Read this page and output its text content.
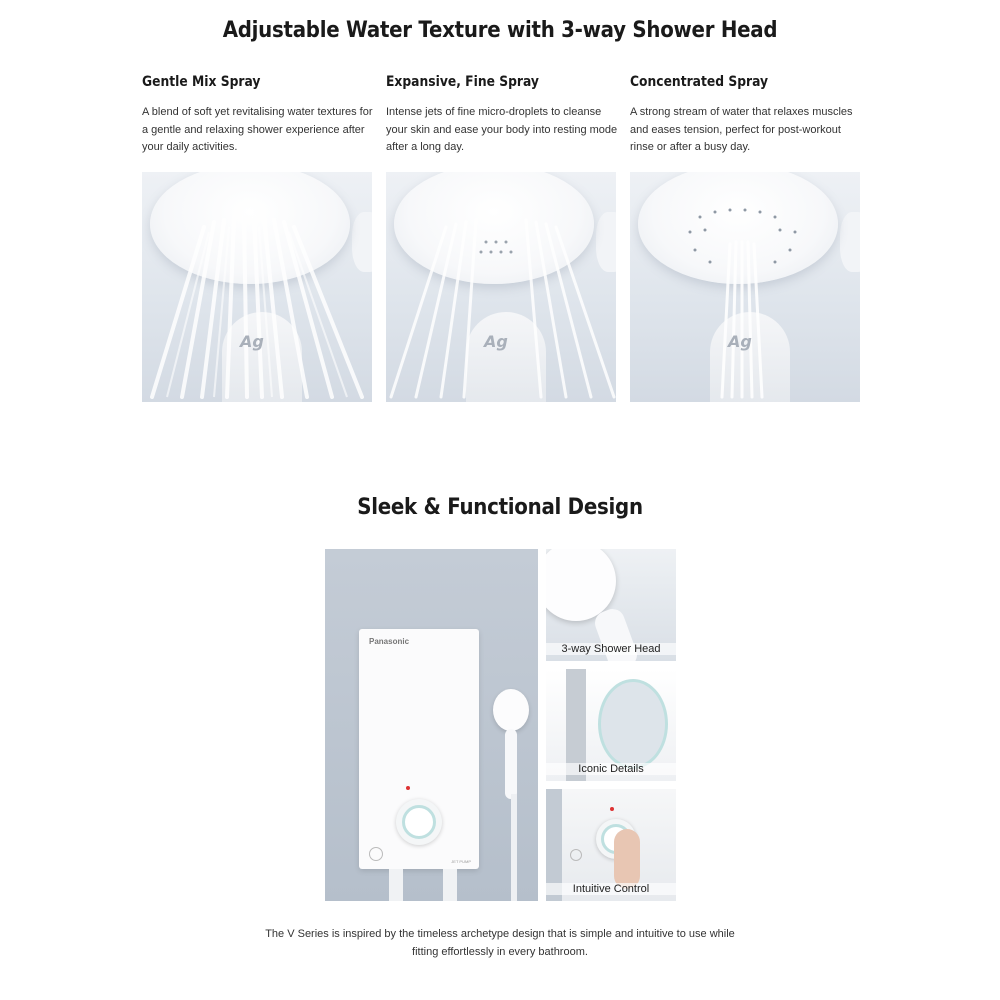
Adjustable Water Texture with 3-way Shower Head
Gentle Mix Spray

A blend of soft yet revitalising water textures for a gentle and relaxing shower experience after your daily activities.

Ag
Expansive, Fine Spray

Intense jets of fine micro-droplets to cleanse your skin and ease your body into resting mode after a long day.

Ag
Concentrated Spray

A strong stream of water that relaxes muscles and eases tension, perfect for post-workout rinse or after a busy day.

Ag
Sleek & Functional Design
Panasonic
JET PUMP
3-way Shower Head
Iconic Details
Intuitive Control
The V Series is inspired by the timeless archetype design that is simple and intuitive to use while fitting effortlessly in every bathroom.
